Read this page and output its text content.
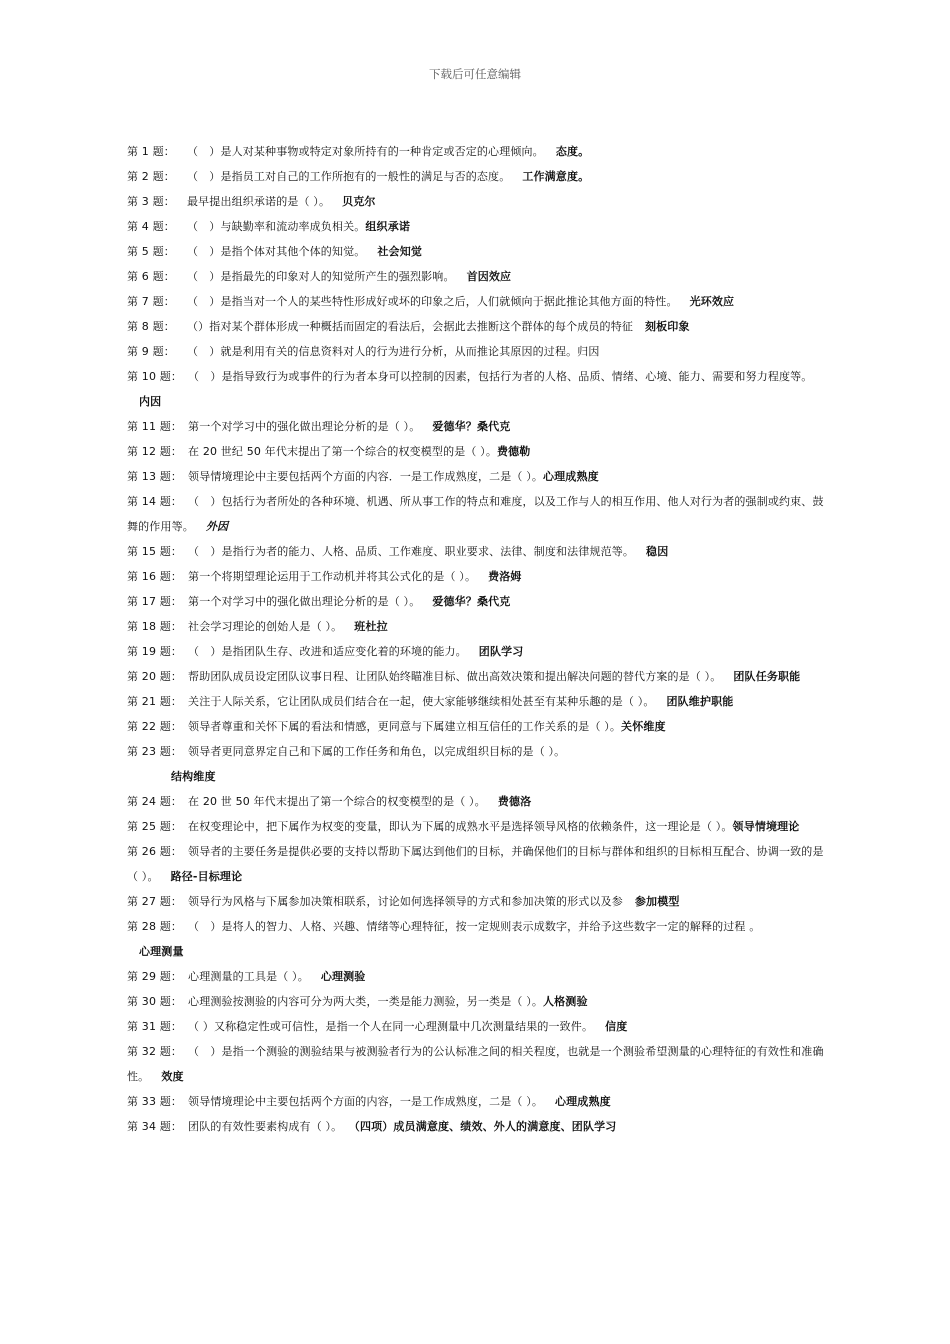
下载后可任意编辑
第 1 题： （　）是人对某种事物或特定对象所持有的一种肯定或否定的心理倾向。 态度。
第 2 题： （　）是指员工对自己的工作所抱有的一般性的满足与否的态度。 工作满意度。
第 3 题： 最早提出组织承诺的是（ ）。 贝克尔
第 4 题： （　）与缺勤率和流动率成负相关。组织承诺
第 5 题： （　）是指个体对其他个体的知觉。 社会知觉
第 6 题： （　）是指最先的印象对人的知觉所产生的强烈影响。 首因效应
第 7 题： （　）是指当对一个人的某些特性形成好或坏的印象之后，人们就倾向于据此推论其他方面的特性。 光环效应
第 8 题： （）指对某个群体形成一种概括而固定的看法后，会据此去推断这个群体的每个成员的特征 刻板印象
第 9 题： （　）就是利用有关的信息资料对人的行为进行分析，从而推论其原因的过程。归因
第 10 题： （　）是指导致行为或事件的行为者本身可以控制的因素，包括行为者的人格、品质、情绪、心境、能力、需要和努力程度等。内因
第 11 题： 第一个对学习中的强化做出理论分析的是（ ）。 爱德华？桑代克
第 12 题： 在 20 世纪 50 年代末提出了第一个综合的权变模型的是（ ）。费德勒
第 13 题： 领导情境理论中主要包括两个方面的内容．一是工作成熟度，二是（ ）。心理成熟度
第 14 题： （　）包括行为者所处的各种环境、机遇、所从事工作的特点和难度，以及工作与人的相互作用、他人对行为者的强制或约束、鼓舞的作用等。 外因
第 15 题： （　）是指行为者的能力、人格、品质、工作难度、职业要求、法律、制度和法律规范等。 稳因
第 16 题： 第一个将期望理论运用于工作动机并将其公式化的是（ ）。 费洛姆
第 17 题： 第一个对学习中的强化做出理论分析的是（ ）。 爱德华？桑代克
第 18 题： 社会学习理论的创始人是（ ）。 班杜拉
第 19 题： （　）是指团队生存、改进和适应变化着的环境的能力。 团队学习
第 20 题： 帮助团队成员设定团队议事日程、让团队始终瞄准目标、做出高效决策和提出解决问题的替代方案的是（ ）。 团队任务职能
第 21 题： 关注于人际关系，它让团队成员们结合在一起，使大家能够继续相处甚至有某种乐趣的是（ ）。 团队维护职能
第 22 题： 领导者尊重和关怀下属的看法和情感，更同意与下属建立相互信任的工作关系的是（ ）。关怀维度
第 23 题： 领导者更同意界定自己和下属的工作任务和角色，以完成组织目标的是（ ）。
结构维度
第 24 题： 在 20 世 50 年代末提出了第一个综合的权变模型的是（ ）。 费德洛
第 25 题： 在权变理论中，把下属作为权变的变量，即认为下属的成熟水平是选择领导风格的依赖条件，这一理论是（ ）。领导情境理论
第 26 题： 领导者的主要任务是提供必要的支持以帮助下属达到他们的目标，并确保他们的目标与群体和组织的目标相互配合、协调一致的是（ ）。 路径-目标理论
第 27 题： 领导行为风格与下属参加决策相联系，讨论如何选择领导的方式和参加决策的形式以及参 参加模型
第 28 题： （　）是将人的智力、人格、兴趣、情绪等心理特征，按一定规则表示成数字，并给予这些数字一定的解释的过程 。
心理测量
第 29 题： 心理测量的工具是（ ）。 心理测验
第 30 题： 心理测验按测验的内容可分为两大类，一类是能力测验，另一类是（ ）。人格测验
第 31 题： （ ）又称稳定性或可信性，是指一个人在同一心理测量中几次测量结果的一致件。 信度
第 32 题： （　）是指一个测验的测验结果与被测验者行为的公认标准之间的相关程度，也就是一个测验希望测量的心理特征的有效性和准确性。 效度
第 33 题： 领导情境理论中主要包括两个方面的内容，一是工作成熟度，二是（ ）。 心理成熟度
第 34 题： 团队的有效性要素构成有（ ）。 （四项）成员满意度、绩效、外人的满意度、团队学习
